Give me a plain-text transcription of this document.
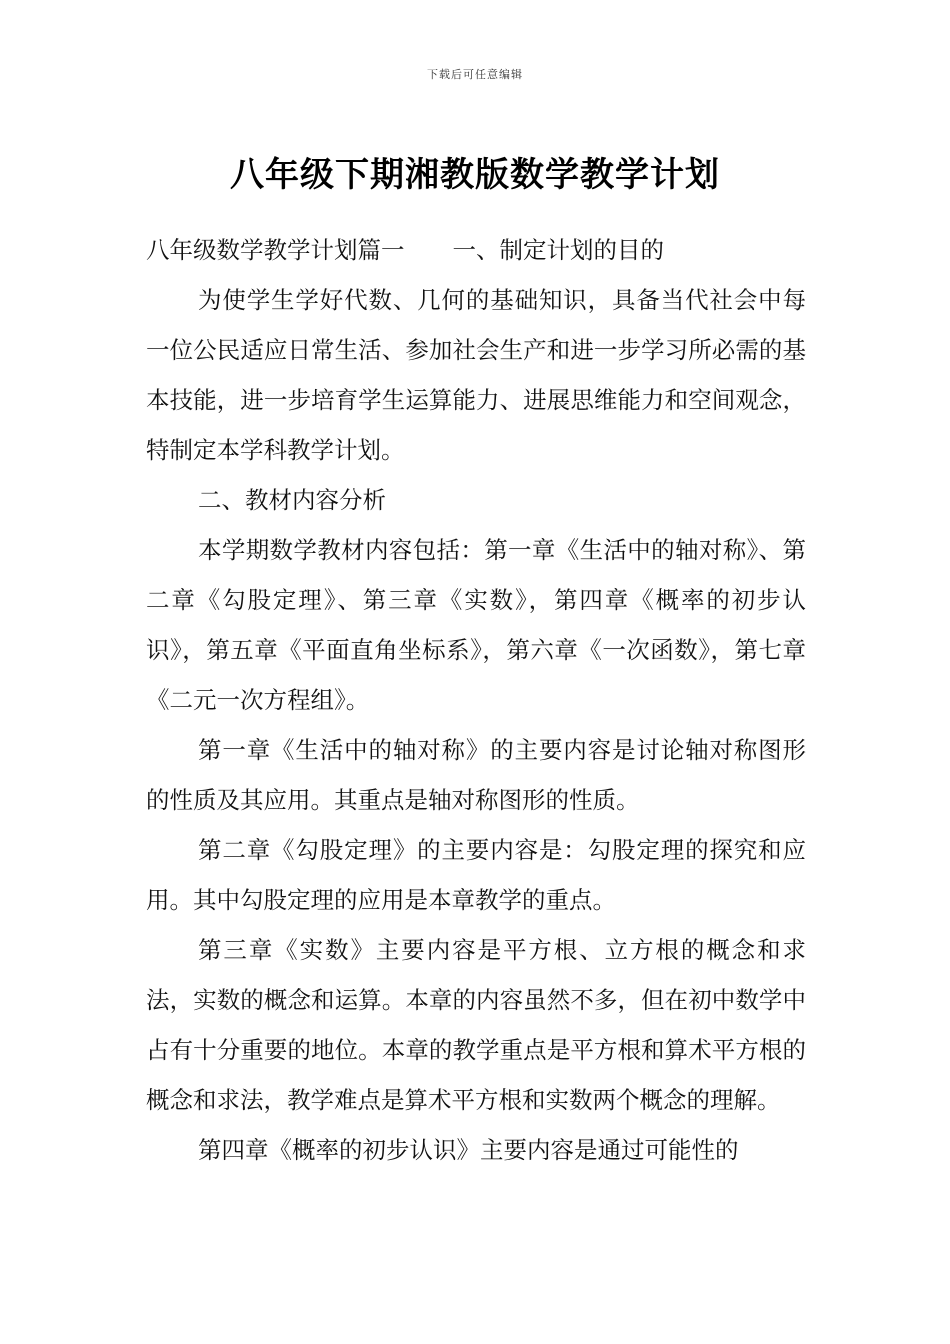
下载后可任意编辑
八年级下期湘教版数学教学计划

八年级数学教学计划篇一 一、制定计划的目的

为使学生学好代数、几何的基础知识，具备当代社会中每一位公民适应日常生活、参加社会生产和进一步学习所必需的基本技能，进一步培育学生运算能力、进展思维能力和空间观念，特制定本学科教学计划。

二、教材内容分析

本学期数学教材内容包括：第一章《生活中的轴对称》、第二章《勾股定理》、第三章《实数》，第四章《概率的初步认识》，第五章《平面直角坐标系》，第六章《一次函数》，第七章《二元一次方程组》。

第一章《生活中的轴对称》的主要内容是讨论轴对称图形的性质及其应用。其重点是轴对称图形的性质。

第二章《勾股定理》的主要内容是：勾股定理的探究和应用。其中勾股定理的应用是本章教学的重点。

第三章《实数》主要内容是平方根、立方根的概念和求法，实数的概念和运算。本章的内容虽然不多，但在初中数学中占有十分重要的地位。本章的教学重点是平方根和算术平方根的概念和求法，教学难点是算术平方根和实数两个概念的理解。

第四章《概率的初步认识》主要内容是通过可能性的
